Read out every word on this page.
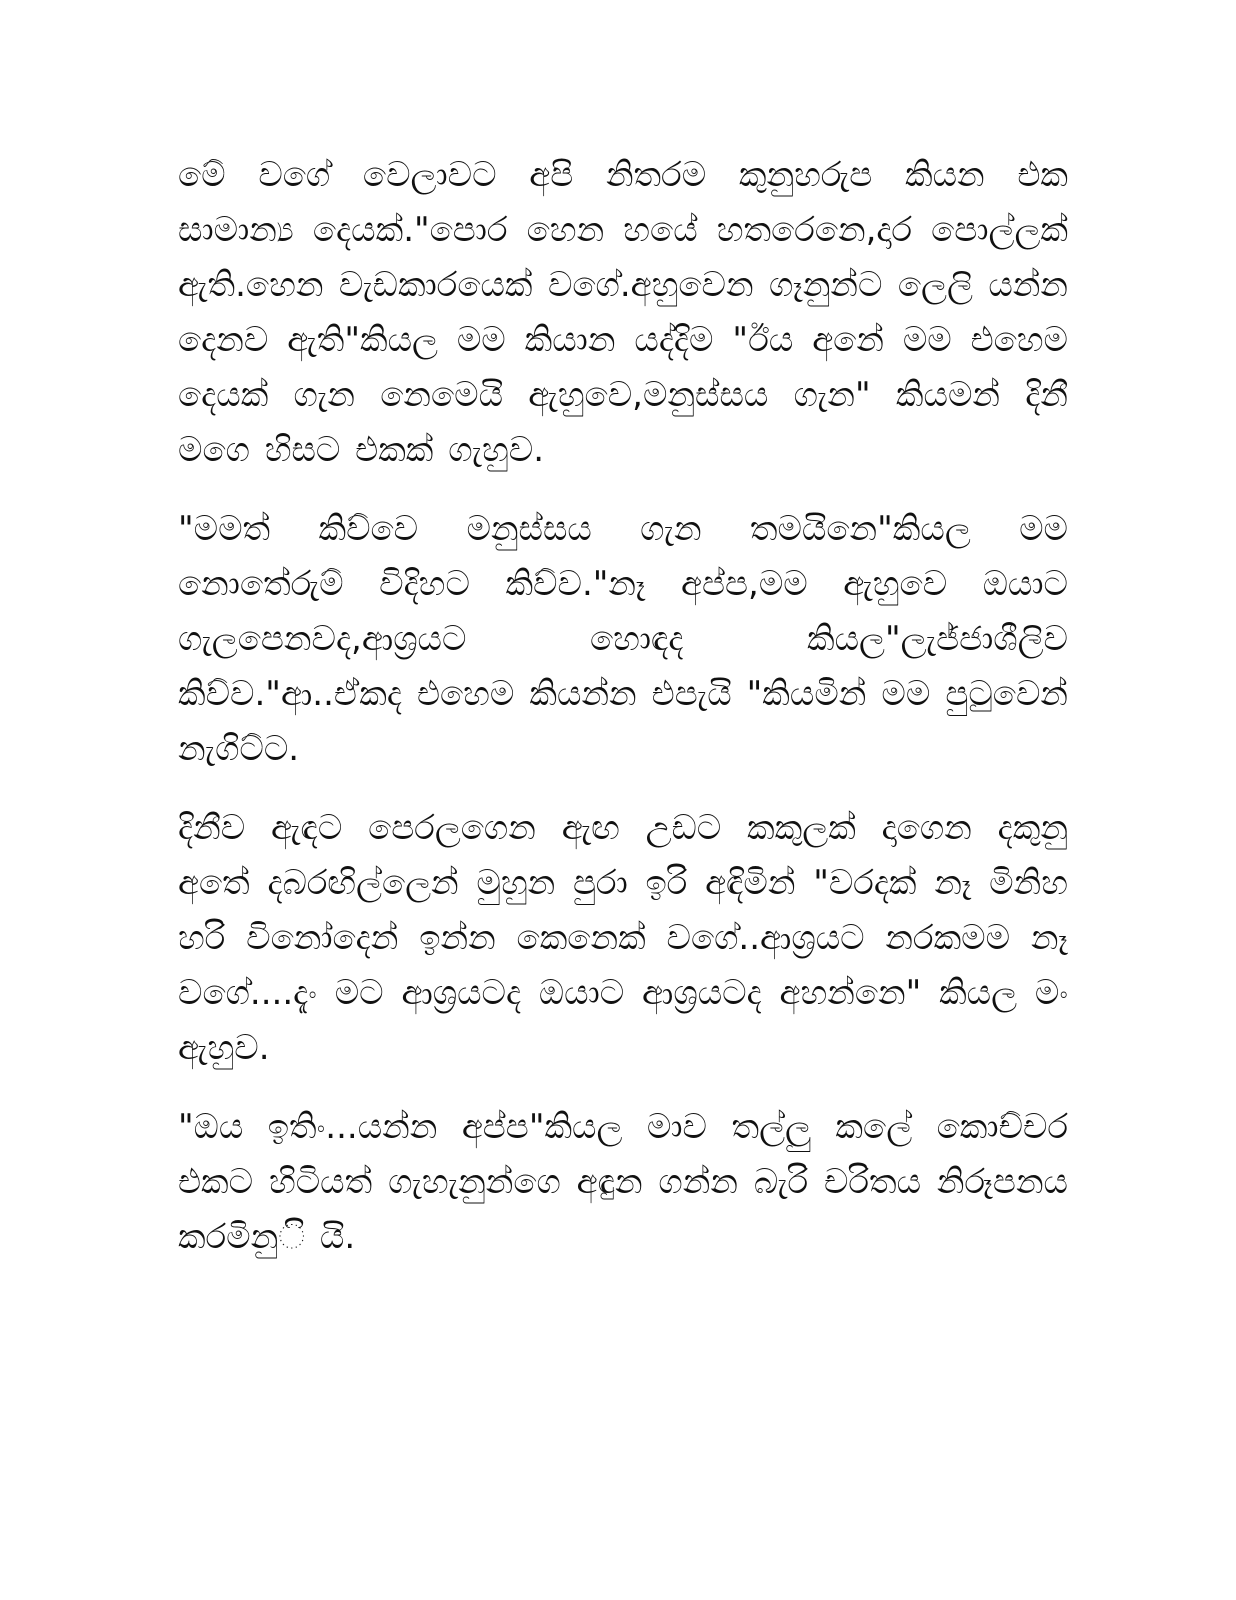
මේ වගේ වෙලාවට අපි නිතරම කුනුහරුප කියන එක සාමාන්‍ය දෙයක්."පොර හෙන හයේ හතරෙනෙ,දාර පොල්ලක් ඇති.හෙන වැඩකාරයෙක් වගේ.අහුවෙන ගෑනුන්ට ලෙලි යන්න දෙනව ඇති"කියල මම කියාන යද්දිම "ඊය අනේ මම එහෙම දෙයක් ගැන නෙමෙයි ඇහුවෙ,මනුස්සය ගැන" කියමන් දිනී මගෙ හිසට එකක් ගැහුව.

"මමත් කිව්වෙ මනුස්සය ගැන තමයිනෙ"කියල මම නොතේරුම් විදිහට කිව්ව."නෑ අප්ප,මම ඇහුවෙ ඔයාට ගැලපෙනවද,ආශ්‍රයට හොඳද කියල"ලැජ්ජාශීලිව කිව්ව."ආ..ඒකද එහෙම කියන්න එපැයි "කියමින් මම පුටුවෙන් නැගිට්ට.

දිනීව ඇඳට පෙරලගෙන ඇඟ උඩට කකුලක් දාගෙන දකුනු අතේ දබරඟිල්ලෙන් මුහුන පුරා ඉරි අඳිමින් "වරදක් නෑ මිනිහ හරි විනෝදෙන් ඉන්න කෙනෙක් වගේ..ආශ්‍රයට නරකමම නෑ වගේ....දැං මට ආශ්‍රයටද ඔයාට ආශ්‍රයටද අහන්නෙ" කියල මං ඇහුව.

"ඔය ඉතිං...යන්න අප්ප"කියල මාව තල්ලු කලේ කොච්චර එකට හිටියත් ගැහැනුන්ගෙ අඳුන ගන්න බැරි චරිතය නිරූපනය කරමිනුි යි.
